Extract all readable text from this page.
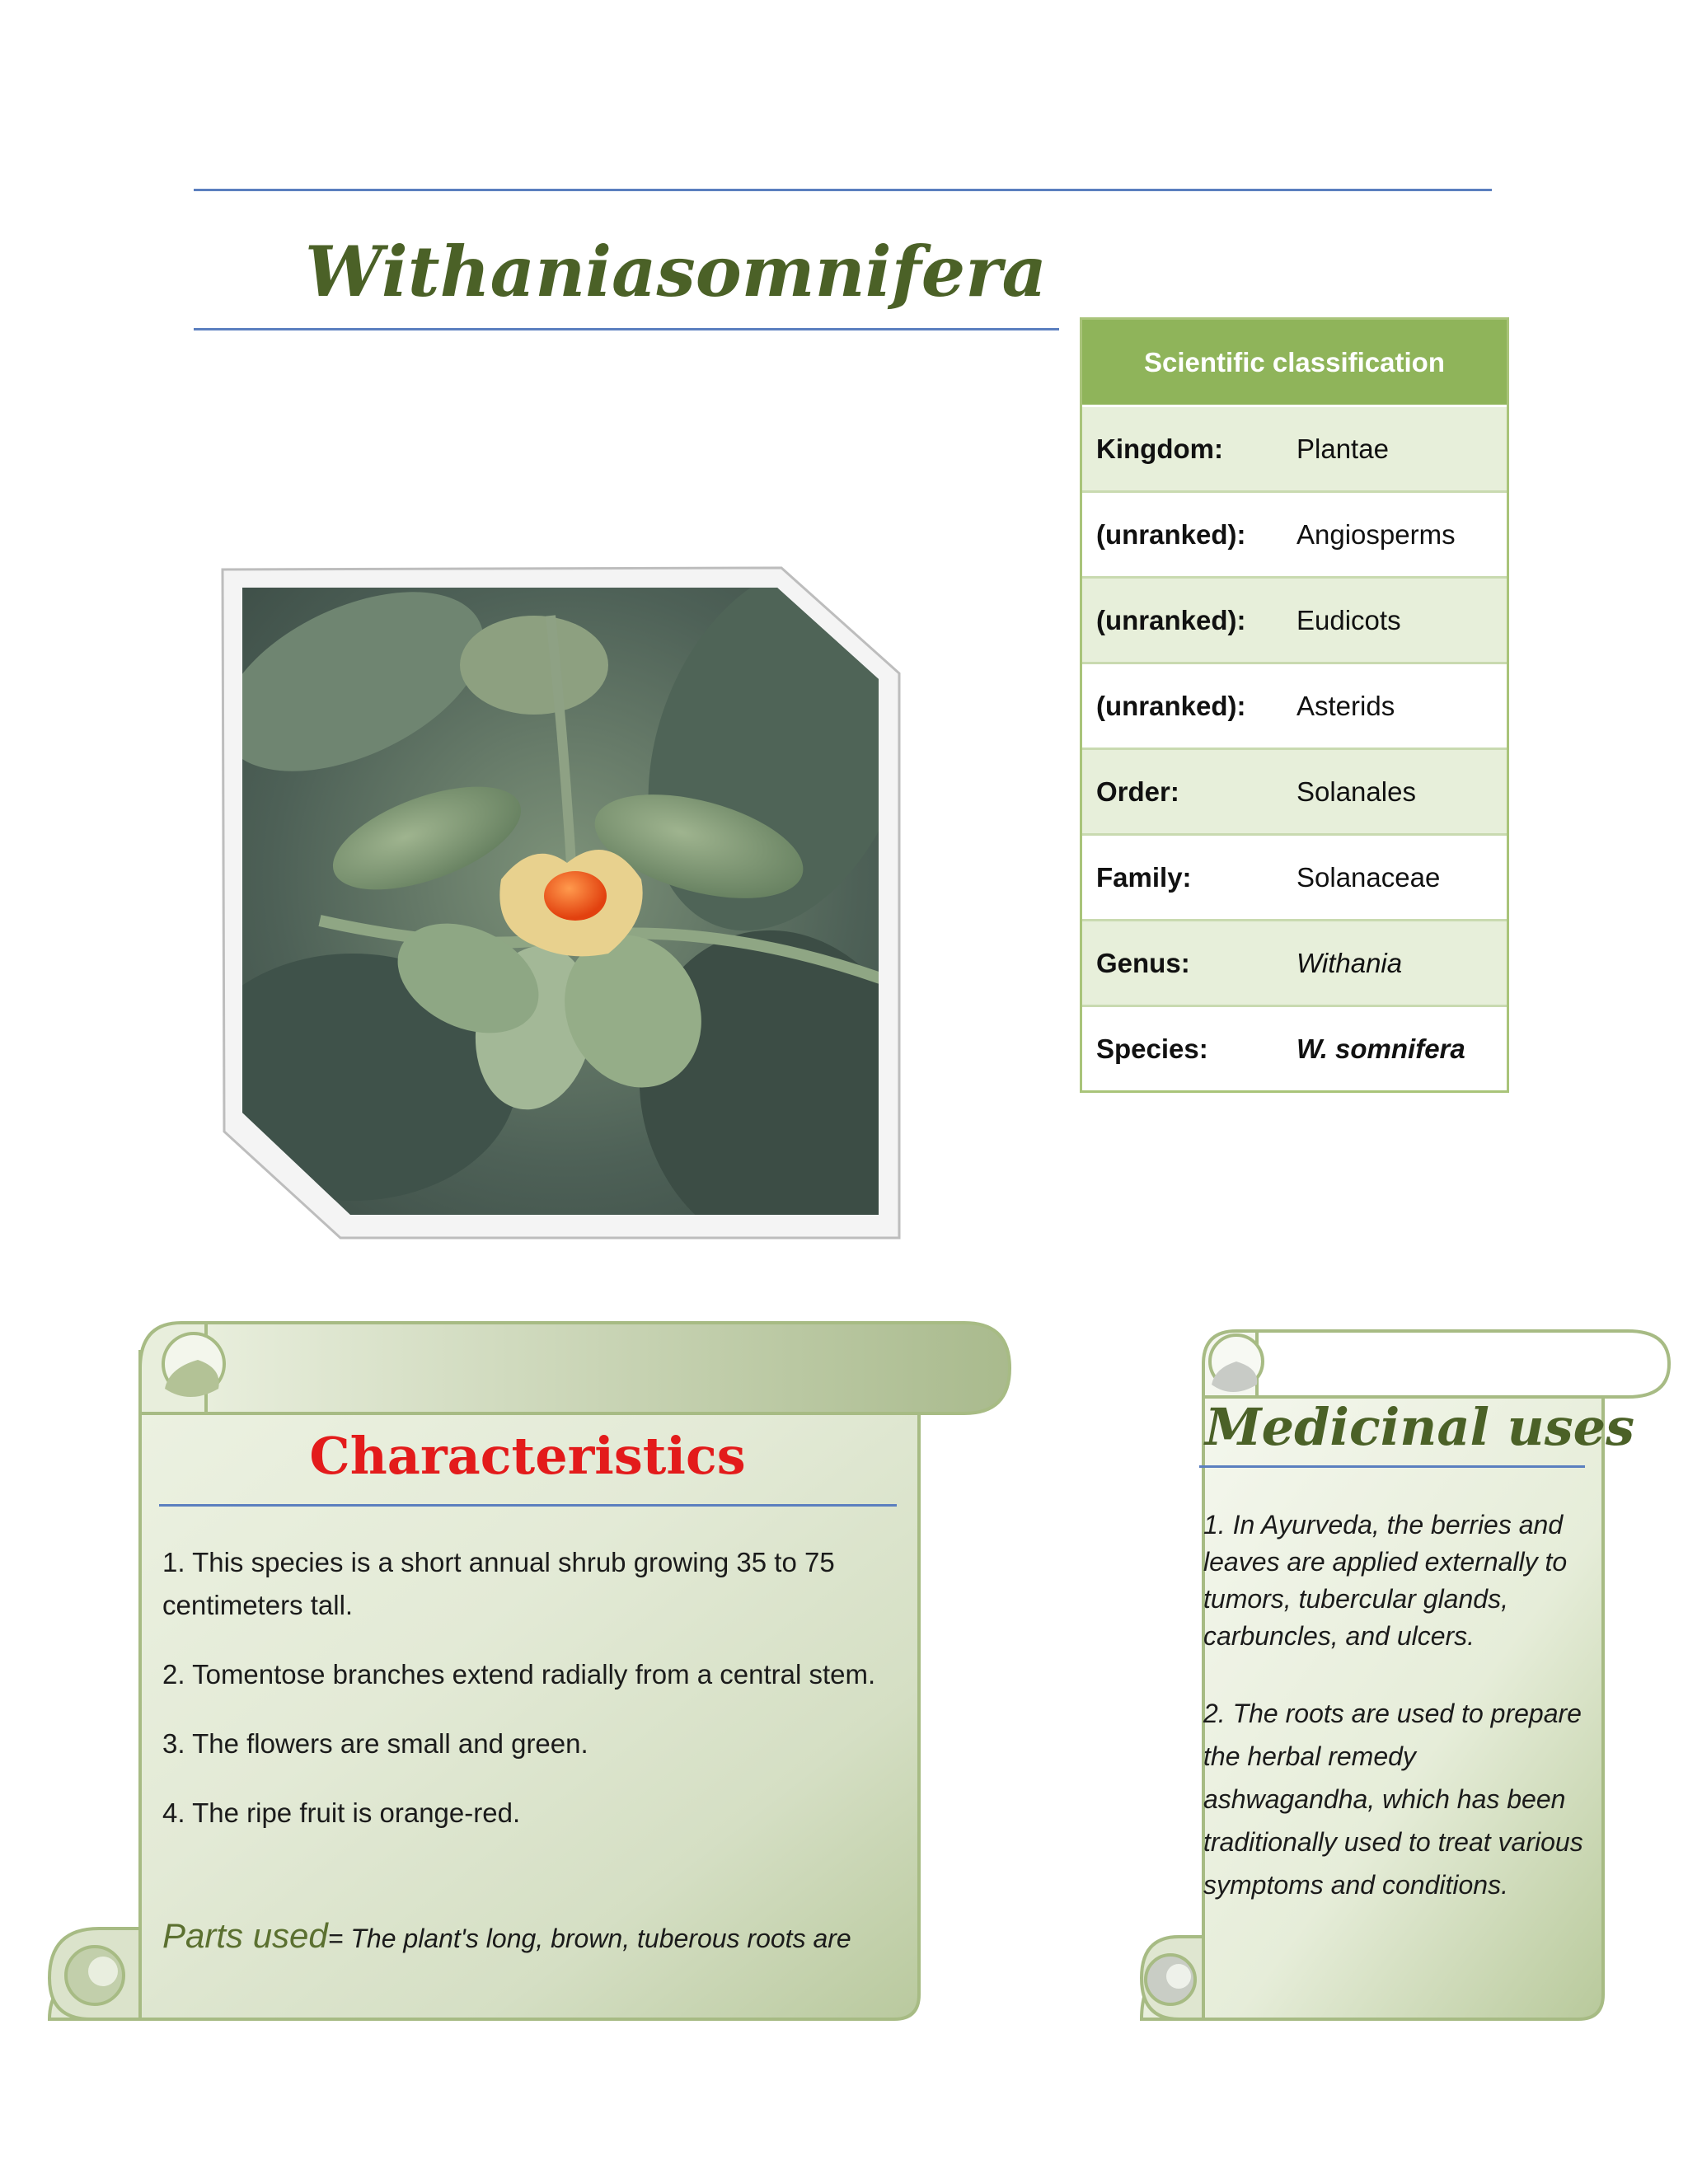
Withaniasomnifera
Scientific classification
Kingdom:	Plantae
(unranked):	Angiosperms
(unranked):	Eudicots
(unranked):	Asterids
Order:	Solanales
Family:	Solanaceae
Genus:	Withania
Species:	W. somnifera
Characteristics

1. This species is a short annual shrub growing 35 to 75 centimeters tall.

2. Tomentose branches extend radially from a central stem.

3. The flowers are small and green.

4. The ripe fruit is orange-red.

Parts used= The plant's long, brown, tuberous roots are
Medicinal uses

1. In Ayurveda, the berries and leaves are applied externally to tumors, tubercular glands, carbuncles, and ulcers.

2. The roots are used to prepare the herbal remedy ashwagandha, which has been traditionally used to treat various symptoms and conditions.
